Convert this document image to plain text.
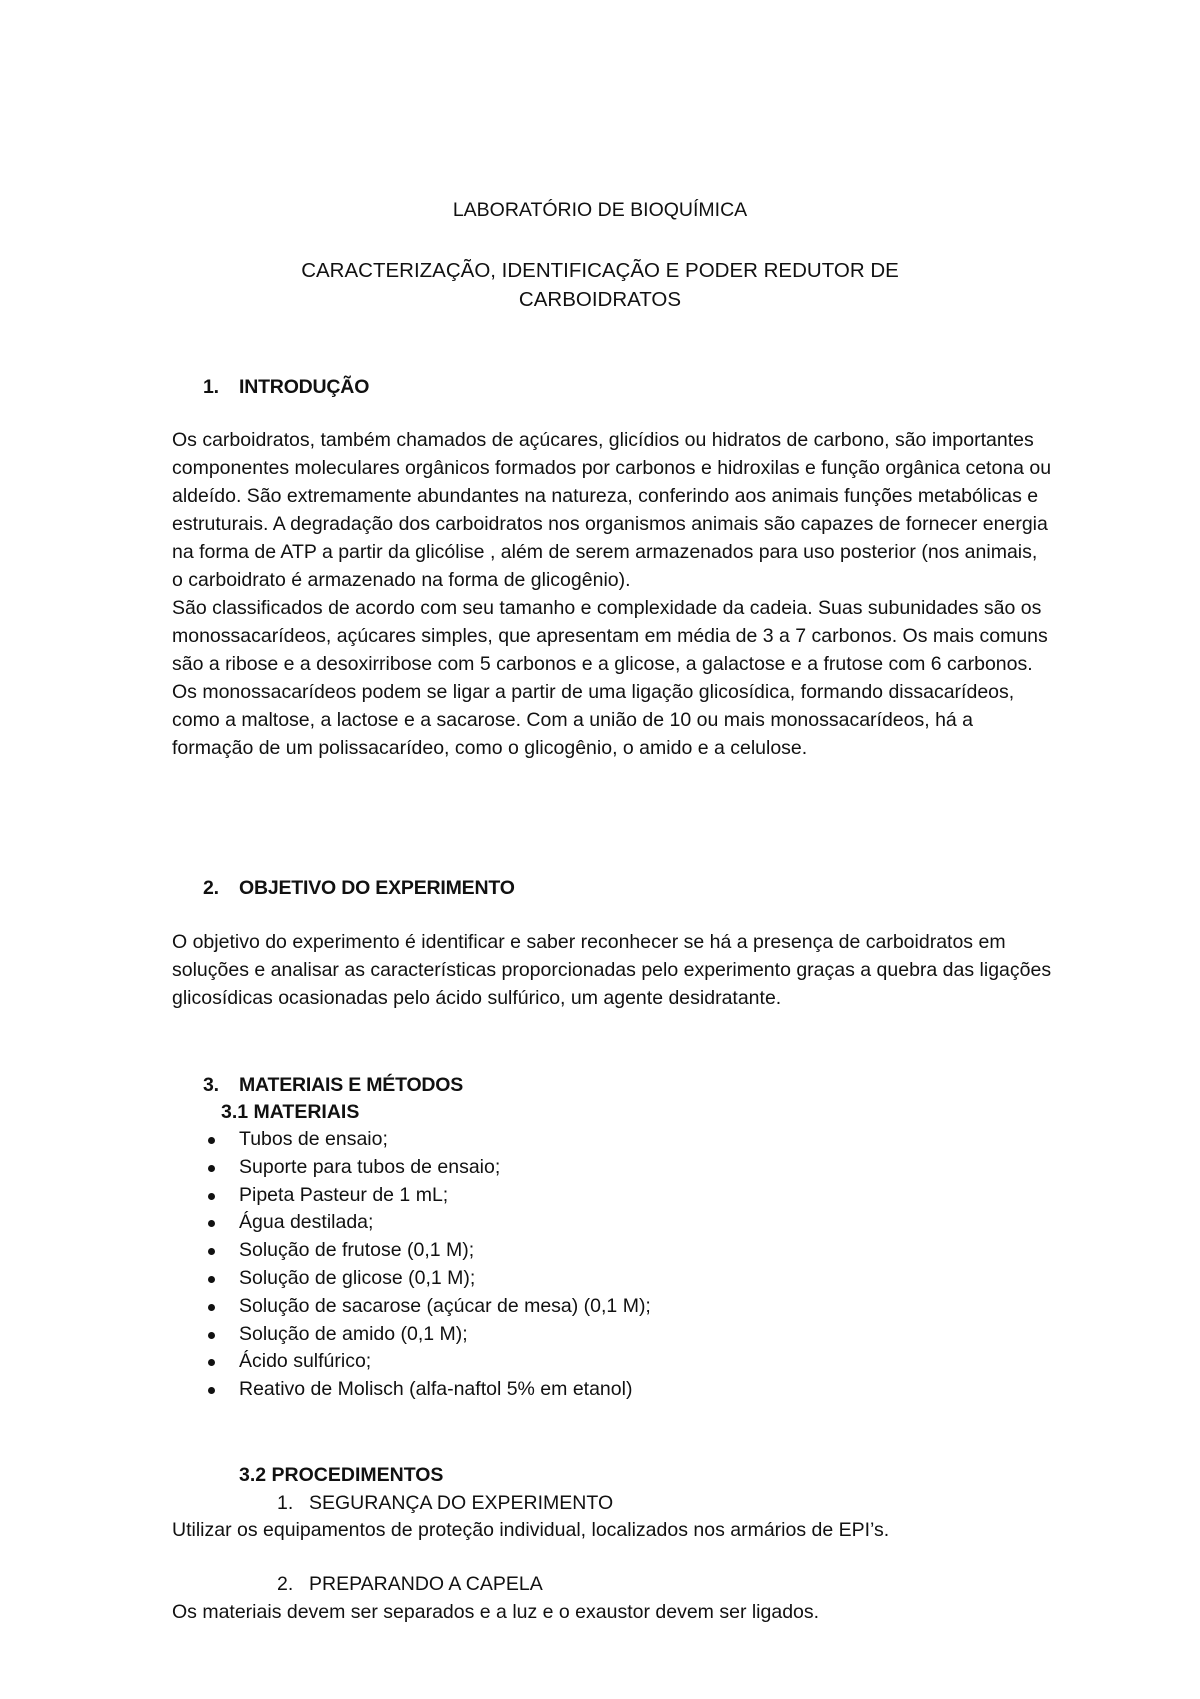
LABORATÓRIO DE BIOQUÍMICA
CARACTERIZAÇÃO, IDENTIFICAÇÃO E PODER REDUTOR DE
CARBOIDRATOS
1. INTRODUÇÃO

Os carboidratos, também chamados de açúcares, glicídios ou hidratos de carbono, são importantes componentes moleculares orgânicos formados por carbonos e hidroxilas e função orgânica cetona ou aldeído. São extremamente abundantes na natureza, conferindo aos animais funções metabólicas e estruturais. A degradação dos carboidratos nos organismos animais são capazes de fornecer energia na forma de ATP a partir da glicólise , além de serem armazenados para uso posterior (nos animais, o carboidrato é armazenado na forma de glicogênio).

São classificados de acordo com seu tamanho e complexidade da cadeia. Suas subunidades são os monossacarídeos, açúcares simples, que apresentam em média de 3 a 7 carbonos. Os mais comuns são a ribose e a desoxirribose com 5 carbonos e a glicose, a galactose e a frutose com 6 carbonos.

Os monossacarídeos podem se ligar a partir de uma ligação glicosídica, formando dissacarídeos, como a maltose, a lactose e a sacarose. Com a união de 10 ou mais monossacarídeos, há a formação de um polissacarídeo, como o glicogênio, o amido e a celulose.

2. OBJETIVO DO EXPERIMENTO

O objetivo do experimento é identificar e saber reconhecer se há a presença de carboidratos em soluções e analisar as características proporcionadas pelo experimento graças a quebra das ligações glicosídicas ocasionadas pelo ácido sulfúrico, um agente desidratante.

3. MATERIAIS E MÉTODOS
3.1 MATERIAIS
Tubos de ensaio;
Suporte para tubos de ensaio;
Pipeta Pasteur de 1 mL;
Água destilada;
Solução de frutose (0,1 M);
Solução de glicose (0,1 M);
Solução de sacarose (açúcar de mesa) (0,1 M);
Solução de amido (0,1 M);
Ácido sulfúrico;
Reativo de Molisch (alfa-naftol 5% em etanol)
3.2 PROCEDIMENTOS
1. SEGURANÇA DO EXPERIMENTO
Utilizar os equipamentos de proteção individual, localizados nos armários de EPI’s.
2. PREPARANDO A CAPELA
Os materiais devem ser separados e a luz e o exaustor devem ser ligados.
